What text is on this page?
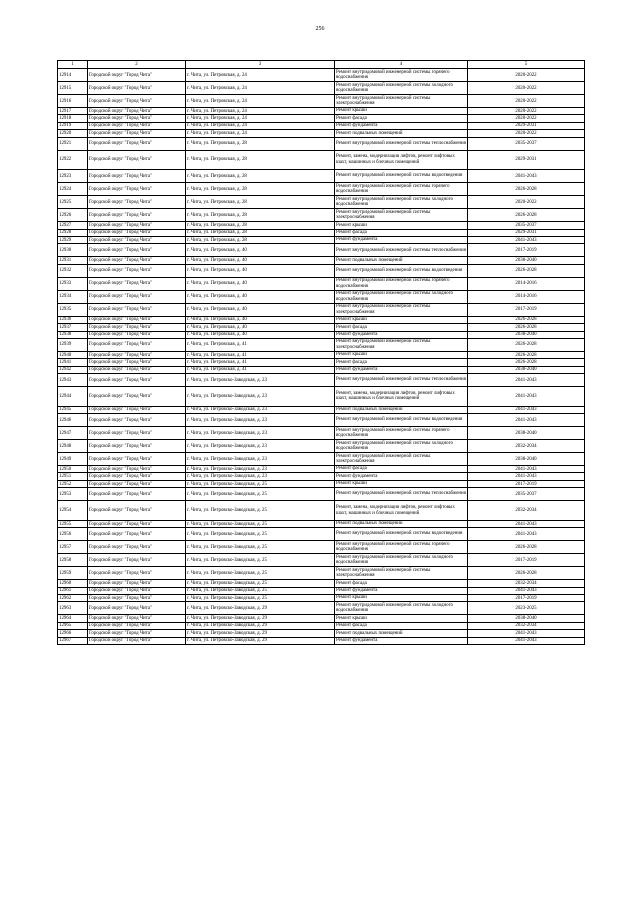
256
1	2	3	4	5
12914	Городской округ "Город Чита"	г. Чита, ул. Петровская, д. 24	Ремонт внутридомовой инженерной системы горячего водоснабжения	2020-2022
12915	Городской округ "Город Чита"	г. Чита, ул. Петровская, д. 24	Ремонт внутридомовой инженерной системы холодного водоснабжения	2020-2022
12916	Городской округ "Город Чита"	г. Чита, ул. Петровская, д. 24	Ремонт внутридомовой инженерной системы электроснабжения	2020-2022
12917	Городской округ "Город Чита"	г. Чита, ул. Петровская, д. 24	Ремонт крыши	2020-2022
12918	Городской округ "Город Чита"	г. Чита, ул. Петровская, д. 24	Ремонт фасада	2020-2022
12919	Городской округ "Город Чита"	г. Чита, ул. Петровская, д. 24	Ремонт фундамента	2029-2031
12920	Городской округ "Город Чита"	г. Чита, ул. Петровская, д. 24	Ремонт подвальных помещений	2020-2022
12921	Городской округ "Город Чита"	г. Чита, ул. Петровская, д. 28	Ремонт внутридомовой инженерной системы теплоснабжения	2035-2037
12922	Городской округ "Город Чита"	г. Чита, ул. Петровская, д. 28	Ремонт, замена, модернизация лифтов, ремонт лифтовых шахт, машинных и блочных помещений	2029-2031
12923	Городской округ "Город Чита"	г. Чита, ул. Петровская, д. 28	Ремонт внутридомовой инженерной системы водоотведения	2041-2043
12924	Городской округ "Город Чита"	г. Чита, ул. Петровская, д. 28	Ремонт внутридомовой инженерной системы горячего водоснабжения	2026-2028
12925	Городской округ "Город Чита"	г. Чита, ул. Петровская, д. 28	Ремонт внутридомовой инженерной системы холодного водоснабжения	2020-2022
12926	Городской округ "Город Чита"	г. Чита, ул. Петровская, д. 28	Ремонт внутридомовой инженерной системы электроснабжения	2026-2028
12927	Городской округ "Город Чита"	г. Чита, ул. Петровская, д. 28	Ремонт крыши	2035-2037
12928	Городской округ "Город Чита"	г. Чита, ул. Петровская, д. 28	Ремонт фасада	2029-2031
12929	Городской округ "Город Чита"	г. Чита, ул. Петровская, д. 28	Ремонт фундамента	2041-2043
12930	Городской округ "Город Чита"	г. Чита, ул. Петровская, д. 40	Ремонт внутридомовой инженерной системы теплоснабжения	2017-2019
12931	Городской округ "Город Чита"	г. Чита, ул. Петровская, д. 40	Ремонт подвальных помещений	2038-2040
12932	Городской округ "Город Чита"	г. Чита, ул. Петровская, д. 40	Ремонт внутридомовой инженерной системы водоотведения	2026-2028
12933	Городской округ "Город Чита"	г. Чита, ул. Петровская, д. 40	Ремонт внутридомовой инженерной системы горячего водоснабжения	2014-2016
12934	Городской округ "Город Чита"	г. Чита, ул. Петровская, д. 40	Ремонт внутридомовой инженерной системы холодного водоснабжения	2014-2016
12935	Городской округ "Город Чита"	г. Чита, ул. Петровская, д. 40	Ремонт внутридомовой инженерной системы электроснабжения	2017-2019
12936	Городской округ "Город Чита"	г. Чита, ул. Петровская, д. 40	Ремонт крыши	2026-2028
12937	Городской округ "Город Чита"	г. Чита, ул. Петровская, д. 40	Ремонт фасада	2026-2028
12938	Городской округ "Город Чита"	г. Чита, ул. Петровская, д. 40	Ремонт фундамента	2038-2040
12939	Городской округ "Город Чита"	г. Чита, ул. Петровская, д. 41	Ремонт внутридомовой инженерной системы электроснабжения	2026-2028
12940	Городской округ "Город Чита"	г. Чита, ул. Петровская, д. 41	Ремонт крыши	2026-2028
12941	Городской округ "Город Чита"	г. Чита, ул. Петровская, д. 41	Ремонт фасада	2026-2028
12942	Городской округ "Город Чита"	г. Чита, ул. Петровская, д. 41	Ремонт фундамента	2038-2040
12943	Городской округ "Город Чита"	г. Чита, ул. Петровско-Заводская, д. 23	Ремонт внутридомовой инженерной системы теплоснабжения	2041-2043
12944	Городской округ "Город Чита"	г. Чита, ул. Петровско-Заводская, д. 23	Ремонт, замена, модернизация лифтов, ремонт лифтовых шахт, машинных и блочных помещений	2041-2043
12945	Городской округ "Город Чита"	г. Чита, ул. Петровско-Заводская, д. 23	Ремонт подвальных помещений	2041-2043
12946	Городской округ "Город Чита"	г. Чита, ул. Петровско-Заводская, д. 23	Ремонт внутридомовой инженерной системы водоотведения	2041-2043
12947	Городской округ "Город Чита"	г. Чита, ул. Петровско-Заводская, д. 23	Ремонт внутридомовой инженерной системы горячего водоснабжения	2038-2040
12948	Городской округ "Город Чита"	г. Чита, ул. Петровско-Заводская, д. 23	Ремонт внутридомовой инженерной системы холодного водоснабжения	2032-2034
12949	Городской округ "Город Чита"	г. Чита, ул. Петровско-Заводская, д. 23	Ремонт внутридомовой инженерной системы электроснабжения	2038-2040
12950	Городской округ "Город Чита"	г. Чита, ул. Петровско-Заводская, д. 23	Ремонт фасада	2041-2043
12951	Городской округ "Город Чита"	г. Чита, ул. Петровско-Заводская, д. 23	Ремонт фундамента	2041-2043
12952	Городской округ "Город Чита"	г. Чита, ул. Петровско-Заводская, д. 25	Ремонт крыши	2017-2019
12953	Городской округ "Город Чита"	г. Чита, ул. Петровско-Заводская, д. 25	Ремонт внутридомовой инженерной системы теплоснабжения	2035-2037
12954	Городской округ "Город Чита"	г. Чита, ул. Петровско-Заводская, д. 25	Ремонт, замена, модернизация лифтов, ремонт лифтовых шахт, машинных и блочных помещений	2032-2034
12955	Городской округ "Город Чита"	г. Чита, ул. Петровско-Заводская, д. 25	Ремонт подвальных помещений	2041-2043
12956	Городской округ "Город Чита"	г. Чита, ул. Петровско-Заводская, д. 25	Ремонт внутридомовой инженерной системы водоотведения	2041-2043
12957	Городской округ "Город Чита"	г. Чита, ул. Петровско-Заводская, д. 25	Ремонт внутридомовой инженерной системы горячего водоснабжения	2026-2028
12958	Городской округ "Город Чита"	г. Чита, ул. Петровско-Заводская, д. 25	Ремонт внутридомовой инженерной системы холодного водоснабжения	2017-2019
12959	Городской округ "Город Чита"	г. Чита, ул. Петровско-Заводская, д. 25	Ремонт внутридомовой инженерной системы электроснабжения	2026-2028
12960	Городской округ "Город Чита"	г. Чита, ул. Петровско-Заводская, д. 25	Ремонт фасада	2032-2034
12961	Городской округ "Город Чита"	г. Чита, ул. Петровско-Заводская, д. 25	Ремонт фундамента	2041-2043
12962	Городской округ "Город Чита"	г. Чита, ул. Петровско-Заводская, д. 25	Ремонт крыши	2017-2019
12963	Городской округ "Город Чита"	г. Чита, ул. Петровско-Заводская, д. 29	Ремонт внутридомовой инженерной системы холодного водоснабжения	2023-2025
12964	Городской округ "Город Чита"	г. Чита, ул. Петровско-Заводская, д. 29	Ремонт крыши	2038-2040
12965	Городской округ "Город Чита"	г. Чита, ул. Петровско-Заводская, д. 29	Ремонт фасада	2032-2034
12966	Городской округ "Город Чита"	г. Чита, ул. Петровско-Заводская, д. 29	Ремонт подвальных помещений	2041-2043
12967	Городской округ "Город Чита"	г. Чита, ул. Петровско-Заводская, д. 29	Ремонт фундамента	2041-2043
